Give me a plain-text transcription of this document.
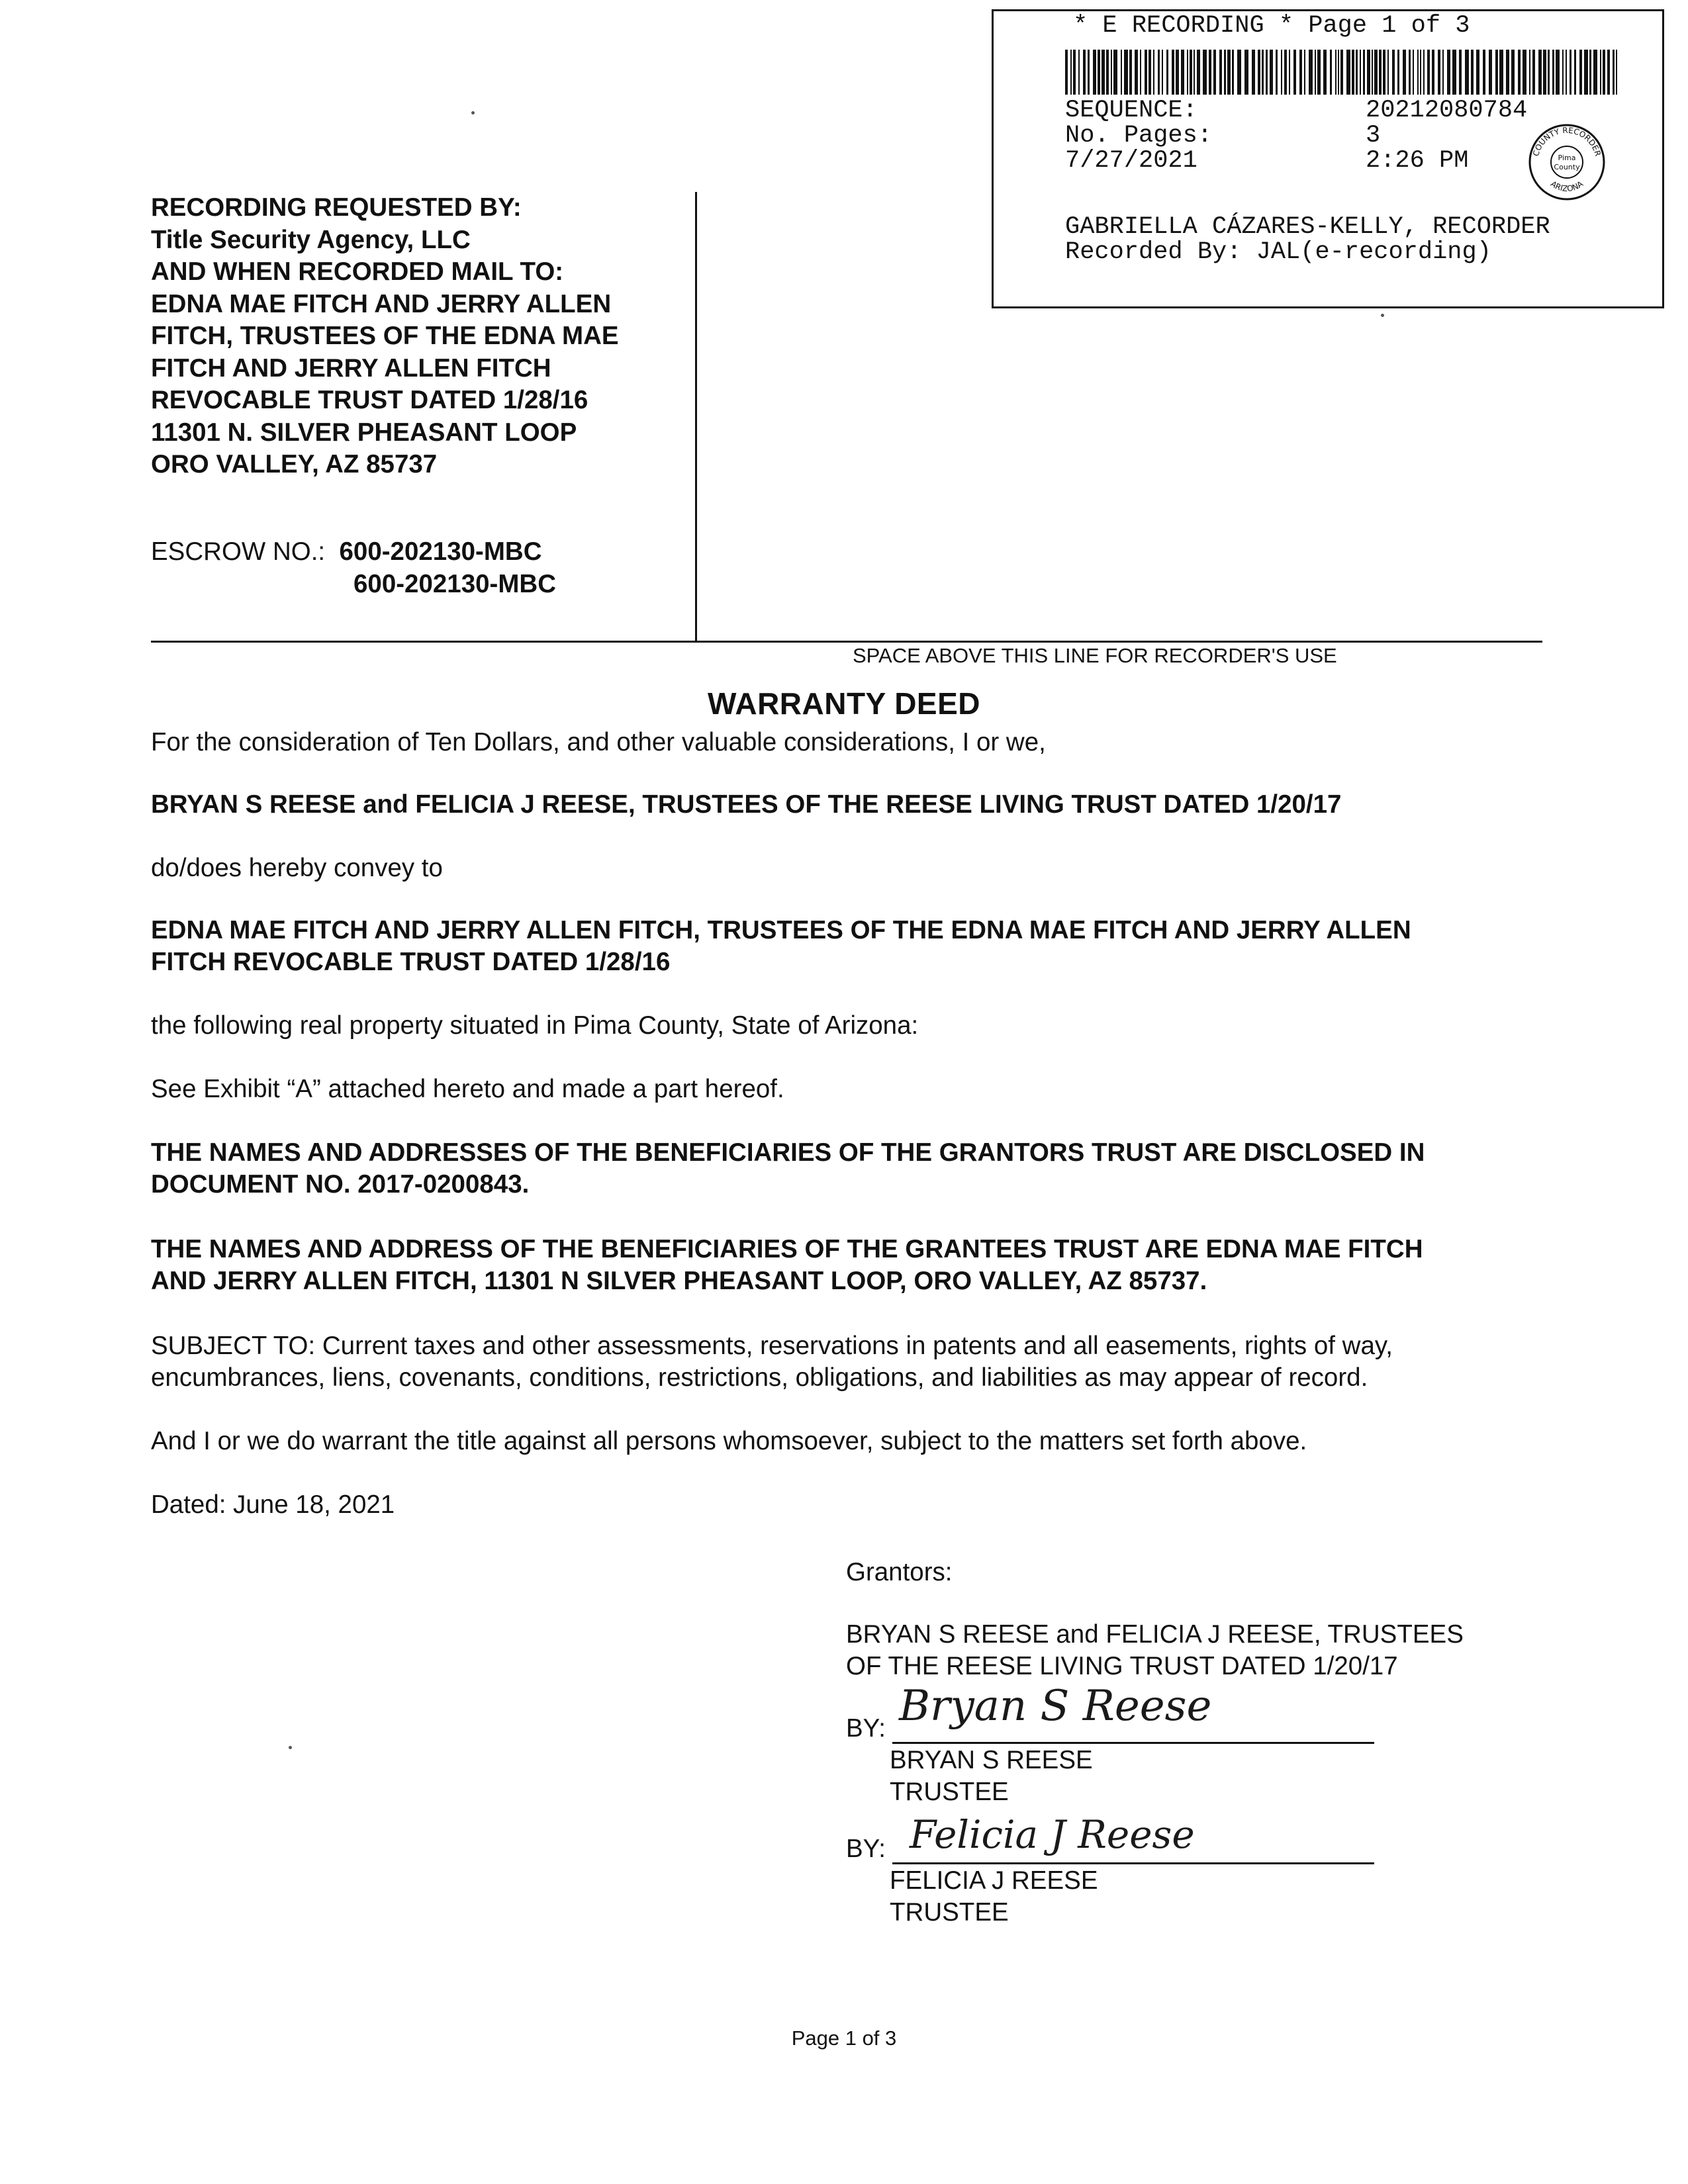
* E RECORDING * Page 1 of 3
SEQUENCE:	20212080784
No. Pages:	3
7/27/2021	2:26 PM	COUNTY RECORDER
ARIZONA
Pima
County
GABRIELLA CÁZARES-KELLY, RECORDER
Recorded By: JAL(e-recording)
RECORDING REQUESTED BY:
Title Security Agency, LLC
AND WHEN RECORDED MAIL TO:
EDNA MAE FITCH AND JERRY ALLEN
FITCH, TRUSTEES OF THE EDNA MAE
FITCH AND JERRY ALLEN FITCH
REVOCABLE TRUST DATED 1/28/16
11301 N. SILVER PHEASANT LOOP
ORO VALLEY, AZ 85737
ESCROW NO.: 600-202130-MBC
600-202130-MBC
SPACE ABOVE THIS LINE FOR RECORDER'S USE
WARRANTY DEED
For the consideration of Ten Dollars, and other valuable considerations, I or we,
BRYAN S REESE and FELICIA J REESE, TRUSTEES OF THE REESE LIVING TRUST DATED 1/20/17
do/does hereby convey to
EDNA MAE FITCH AND JERRY ALLEN FITCH, TRUSTEES OF THE EDNA MAE FITCH AND JERRY ALLEN
FITCH REVOCABLE TRUST DATED 1/28/16
the following real property situated in Pima County, State of Arizona:
See Exhibit “A” attached hereto and made a part hereof.
THE NAMES AND ADDRESSES OF THE BENEFICIARIES OF THE GRANTORS TRUST ARE DISCLOSED IN
DOCUMENT NO. 2017-0200843.
THE NAMES AND ADDRESS OF THE BENEFICIARIES OF THE GRANTEES TRUST ARE EDNA MAE FITCH
AND JERRY ALLEN FITCH, 11301 N SILVER PHEASANT LOOP, ORO VALLEY, AZ 85737.
SUBJECT TO: Current taxes and other assessments, reservations in patents and all easements, rights of way,
encumbrances, liens, covenants, conditions, restrictions, obligations, and liabilities as may appear of record.
And I or we do warrant the title against all persons whomsoever, subject to the matters set forth above.
Dated: June 18, 2021
Grantors:
BRYAN S REESE and FELICIA J REESE, TRUSTEES
OF THE REESE LIVING TRUST DATED 1/20/17
BY: Bryan S Reese
BRYAN S REESE
TRUSTEE
BY: Felicia J Reese
FELICIA J REESE
TRUSTEE
Page 1 of 3
